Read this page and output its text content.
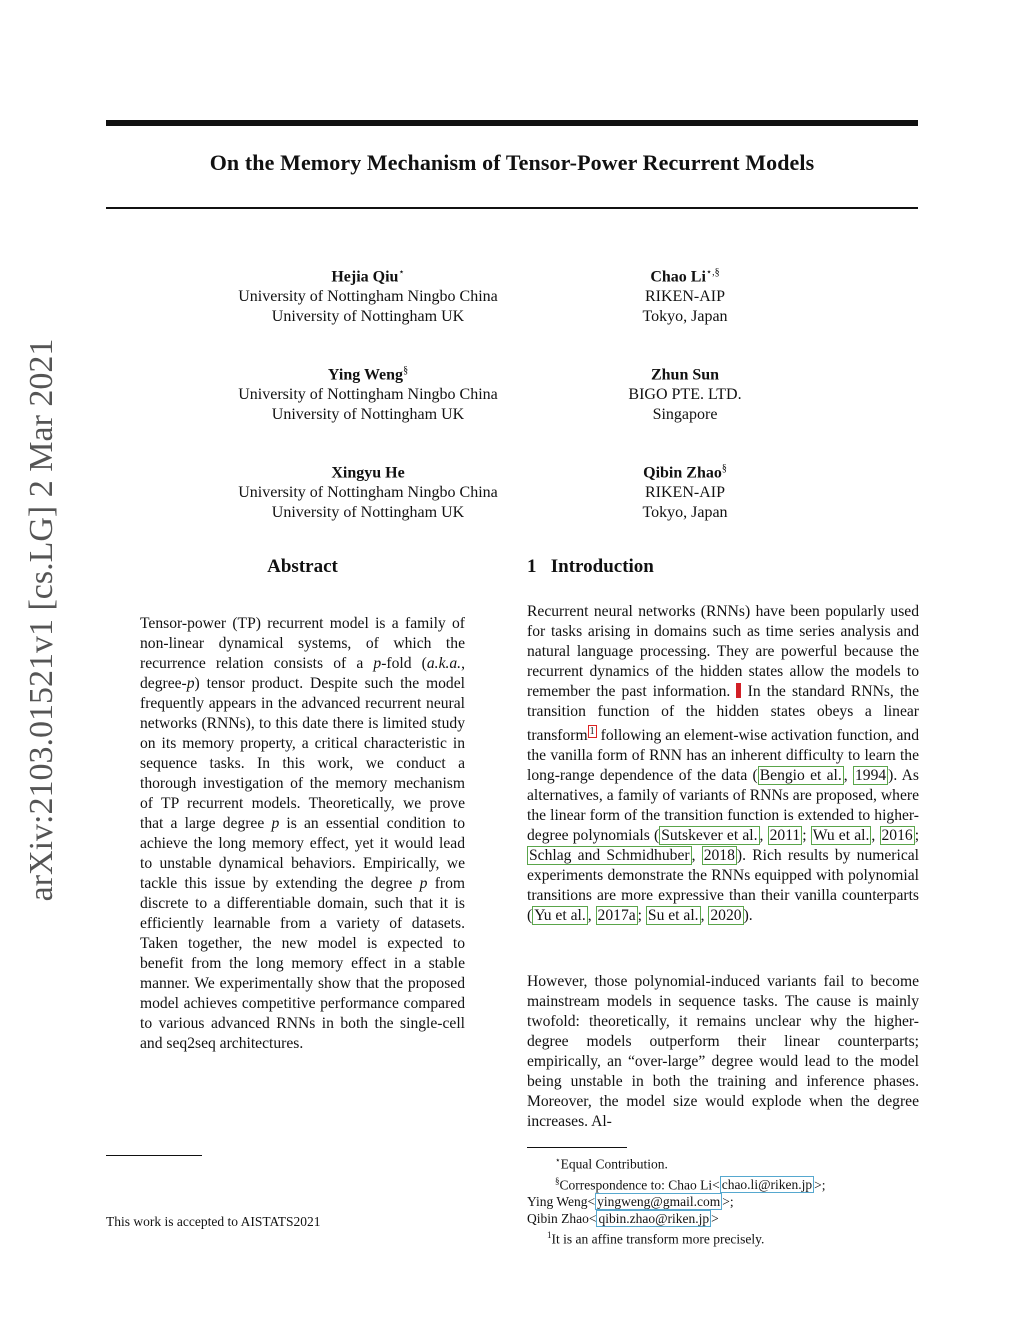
arXiv:2103.01521v1 [cs.LG] 2 Mar 2021
On the Memory Mechanism of Tensor-Power Recurrent Models
Hejia Qiu⋆
University of Nottingham Ningbo China
University of Nottingham UK
Chao Li⋆,§
RIKEN-AIP
Tokyo, Japan
Ying Weng§
University of Nottingham Ningbo China
University of Nottingham UK
Zhun Sun
BIGO PTE. LTD.
Singapore
Xingyu He
University of Nottingham Ningbo China
University of Nottingham UK
Qibin Zhao§
RIKEN-AIP
Tokyo, Japan
Abstract
Tensor-power (TP) recurrent model is a family of non-linear dynamical systems, of which the recurrence relation consists of a p-fold (a.k.a., degree-p) tensor product. Despite such the model frequently appears in the advanced recurrent neural networks (RNNs), to this date there is limited study on its memory property, a critical characteristic in sequence tasks. In this work, we conduct a thorough investigation of the memory mechanism of TP recurrent models. Theoretically, we prove that a large degree p is an essential condition to achieve the long memory effect, yet it would lead to unstable dynamical behaviors. Empirically, we tackle this issue by extending the degree p from discrete to a differentiable domain, such that it is efficiently learnable from a variety of datasets. Taken together, the new model is expected to benefit from the long memory effect in a stable manner. We experimentally show that the proposed model achieves competitive performance compared to various advanced RNNs in both the single-cell and seq2seq architectures.
1 Introduction
Recurrent neural networks (RNNs) have been popularly used for tasks arising in domains such as time series analysis and natural language processing. They are powerful because the recurrent dynamics of the hidden states allow the models to remember the past information.  In the standard RNNs, the transition function of the hidden states obeys a linear transform $^1$ following an element-wise activation function, and the vanilla form of RNN has an inherent difficulty to learn the long-range dependence of the data ( Bengio et al. , 1994 ). As alternatives, a family of variants of RNNs are proposed, where the linear form of the transition function is extended to higher-degree polynomials ( Sutskever et al. , 2011 ; Wu et al. , 2016 ; Schlag and Schmidhuber , 2018 ). Rich results by numerical experiments demonstrate the RNNs equipped with polynomial transitions are more expressive than their vanilla counterparts ( Yu et al. , 2017a ; Su et al. , 2020 ).
However, those polynomial-induced variants fail to become mainstream models in sequence tasks. The cause is mainly twofold: theoretically, it remains unclear why the higher-degree models outperform their linear counterparts; empirically, an “over-large” degree would lead to the model being unstable in both the training and inference phases. Moreover, the model size would explode when the degree increases. Al-
This work is accepted to AISTATS2021
⋆Equal Contribution.
§Correspondence to: Chao Li< chao.li@riken.jp >;
Ying Weng< yingweng@gmail.com >;
Qibin Zhao< qibin.zhao@riken.jp >
$^1$It is an affine transform more precisely.
